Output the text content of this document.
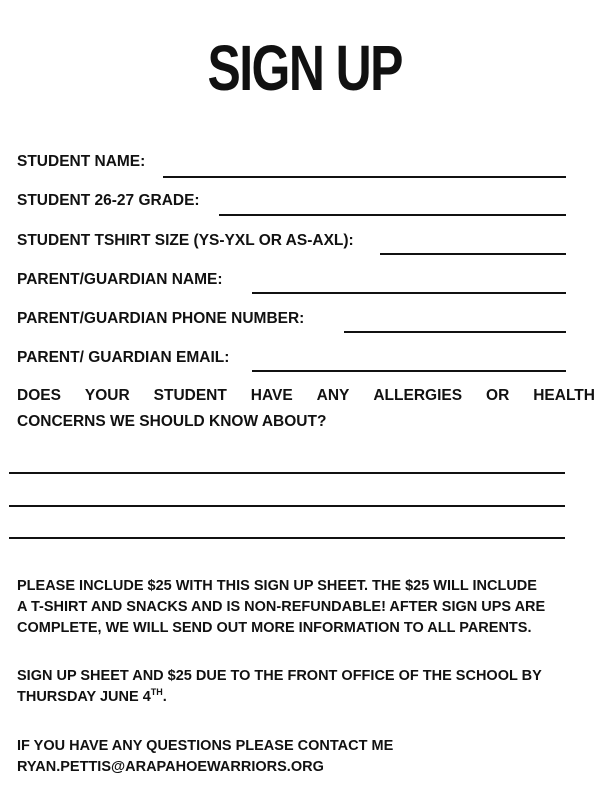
SIGN UP
STUDENT NAME:
STUDENT 26-27 GRADE:
STUDENT TSHIRT SIZE (YS-YXL OR AS-AXL):
PARENT/GUARDIAN NAME:
PARENT/GUARDIAN PHONE NUMBER:
PARENT/ GUARDIAN EMAIL:
DOES YOUR STUDENT HAVE ANY ALLERGIES OR HEALTH
CONCERNS WE SHOULD KNOW ABOUT?
PLEASE INCLUDE $25 WITH THIS SIGN UP SHEET. THE $25 WILL INCLUDE
A T-SHIRT AND SNACKS AND IS NON-REFUNDABLE! AFTER SIGN UPS ARE
COMPLETE, WE WILL SEND OUT MORE INFORMATION TO ALL PARENTS.
SIGN UP SHEET AND $25 DUE TO THE FRONT OFFICE OF THE SCHOOL BY
THURSDAY JUNE 4TH.
IF YOU HAVE ANY QUESTIONS PLEASE CONTACT ME
RYAN.PETTIS@ARAPAHOEWARRIORS.ORG
